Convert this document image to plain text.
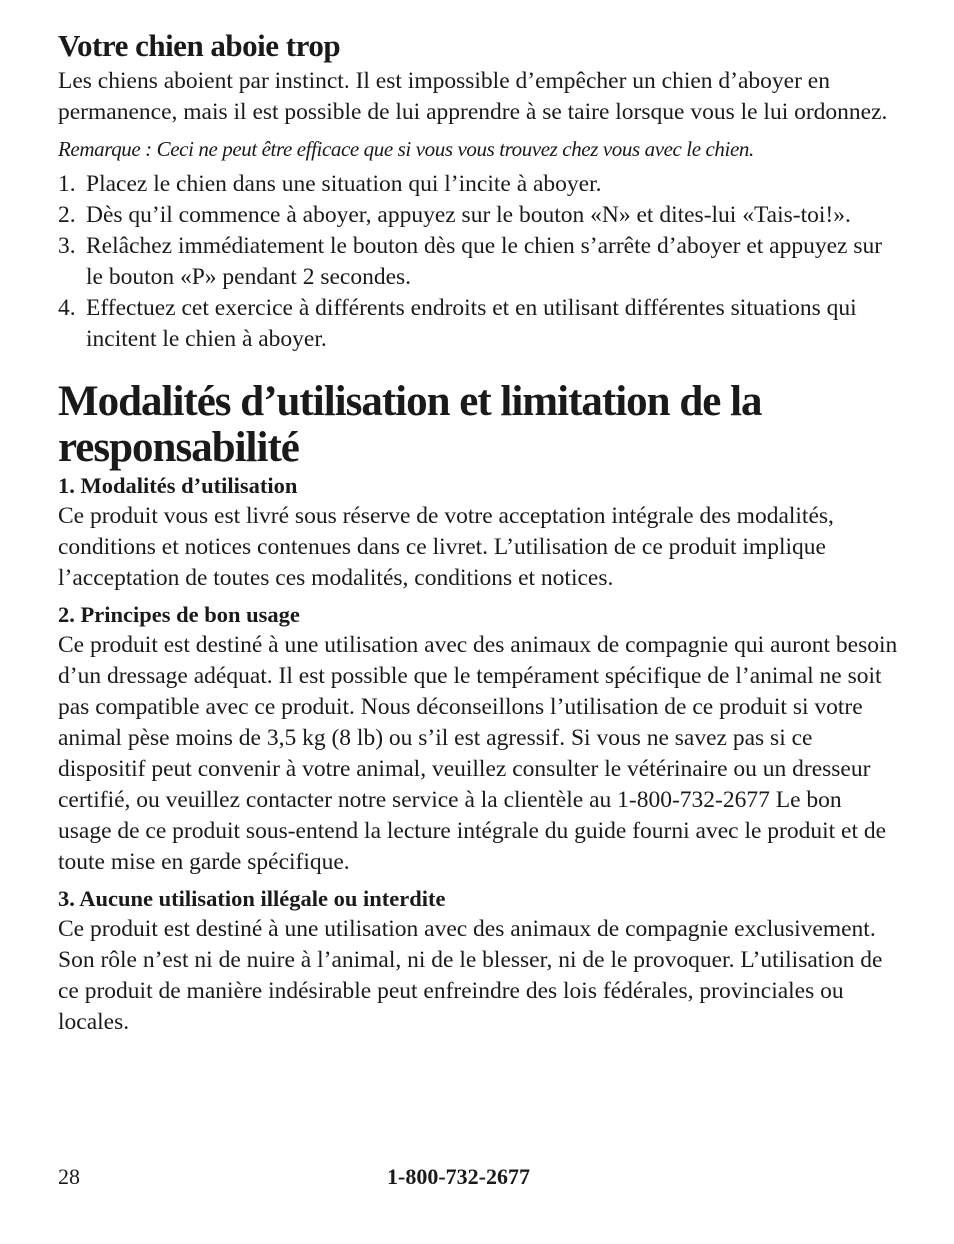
Votre chien aboie trop

Les chiens aboient par instinct. Il est impossible d’empêcher un chien d’aboyer en permanence, mais il est possible de lui apprendre à se taire lorsque vous le lui ordonnez.

Remarque : Ceci ne peut être efficace que si vous vous trouvez chez vous avec le chien.

1. Placez le chien dans une situation qui l’incite à aboyer.
2. Dès qu’il commence à aboyer, appuyez sur le bouton «N» et dites-lui «Tais-toi!».
3. Relâchez immédiatement le bouton dès que le chien s’arrête d’aboyer et appuyez sur le bouton «P» pendant 2 secondes.
4. Effectuez cet exercice à différents endroits et en utilisant différentes situations qui incitent le chien à aboyer.
Modalités d’utilisation et limitation de la responsabilité
1. Modalités d’utilisation

Ce produit vous est livré sous réserve de votre acceptation intégrale des modalités, conditions et notices contenues dans ce livret. L’utilisation de ce produit implique l’acceptation de toutes ces modalités, conditions et notices.

2. Principes de bon usage

Ce produit est destiné à une utilisation avec des animaux de compagnie qui auront besoin d’un dressage adéquat. Il est possible que le tempérament spécifique de l’animal ne soit pas compatible avec ce produit. Nous déconseillons l’utilisation de ce produit si votre animal pèse moins de 3,5 kg (8 lb) ou s’il est agressif. Si vous ne savez pas si ce dispositif peut convenir à votre animal, veuillez consulter le vétérinaire ou un dresseur certifié, ou veuillez contacter notre service à la clientèle au 1-800-732-2677 Le bon usage de ce produit sous-entend la lecture intégrale du guide fourni avec le produit et de toute mise en garde spécifique.

3. Aucune utilisation illégale ou interdite

Ce produit est destiné à une utilisation avec des animaux de compagnie exclusivement. Son rôle n’est ni de nuire à l’animal, ni de le blesser, ni de le provoquer. L’utilisation de ce produit de manière indésirable peut enfreindre des lois fédérales, provinciales ou locales.

28	1-800-732-2677
